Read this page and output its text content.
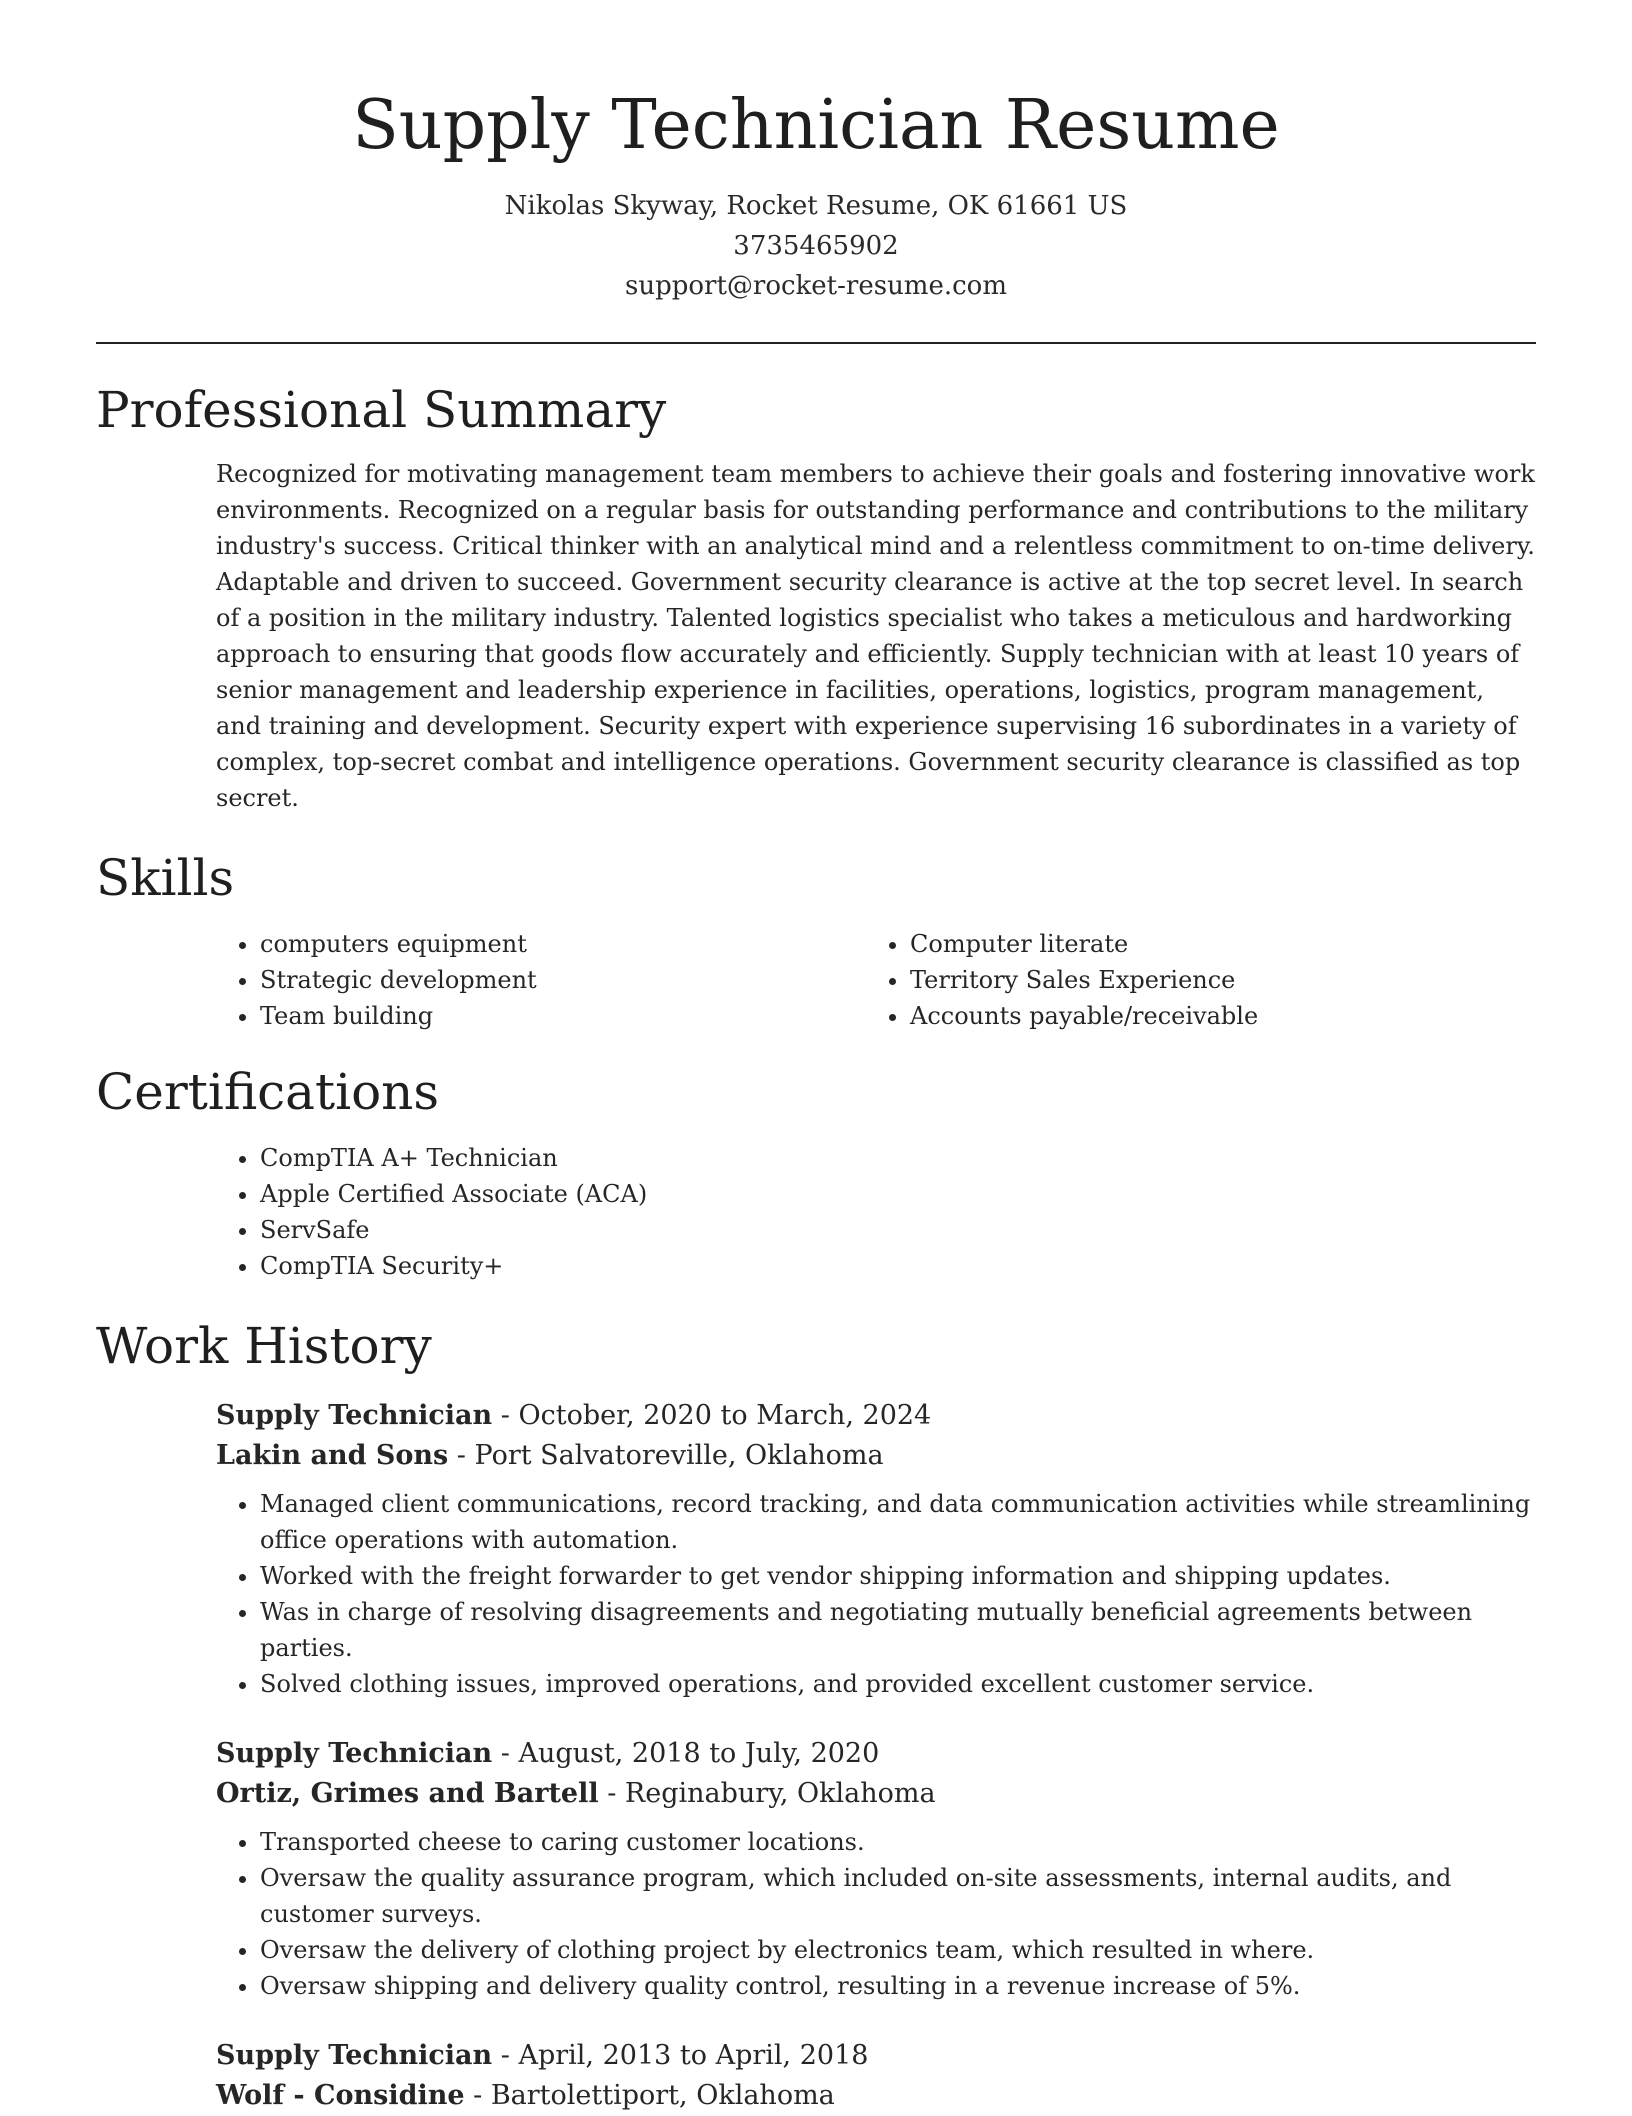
Supply Technician Resume
Nikolas Skyway, Rocket Resume, OK 61661 US
3735465902
support@rocket-resume.com
Professional Summary

Recognized for motivating management team members to achieve their goals and fostering innovative work environments. Recognized on a regular basis for outstanding performance and contributions to the military industry's success. Critical thinker with an analytical mind and a relentless commitment to on-time delivery. Adaptable and driven to succeed. Government security clearance is active at the top secret level. In search of a position in the military industry. Talented logistics specialist who takes a meticulous and hardworking approach to ensuring that goods flow accurately and efficiently. Supply technician with at least 10 years of senior management and leadership experience in facilities, operations, logistics, program management, and training and development. Security expert with experience supervising 16 subordinates in a variety of complex, top-secret combat and intelligence operations. Government security clearance is classified as top secret.

Skills
• computers equipment
• Strategic development
• Team building
• Computer literate
• Territory Sales Experience
• Accounts payable/receivable
Certifications
• CompTIA A+ Technician
• Apple Certified Associate (ACA)
• ServSafe
• CompTIA Security+
Work History
Supply Technician - October, 2020 to March, 2024
Lakin and Sons - Port Salvatoreville, Oklahoma
• Managed client communications, record tracking, and data communication activities while streamlining office operations with automation.
• Worked with the freight forwarder to get vendor shipping information and shipping updates.
• Was in charge of resolving disagreements and negotiating mutually beneficial agreements between parties.
• Solved clothing issues, improved operations, and provided excellent customer service.
Supply Technician - August, 2018 to July, 2020
Ortiz, Grimes and Bartell - Reginabury, Oklahoma
• Transported cheese to caring customer locations.
• Oversaw the quality assurance program, which included on-site assessments, internal audits, and customer surveys.
• Oversaw the delivery of clothing project by electronics team, which resulted in where.
• Oversaw shipping and delivery quality control, resulting in a revenue increase of 5%.
Supply Technician - April, 2013 to April, 2018
Wolf - Considine - Bartolettiport, Oklahoma
